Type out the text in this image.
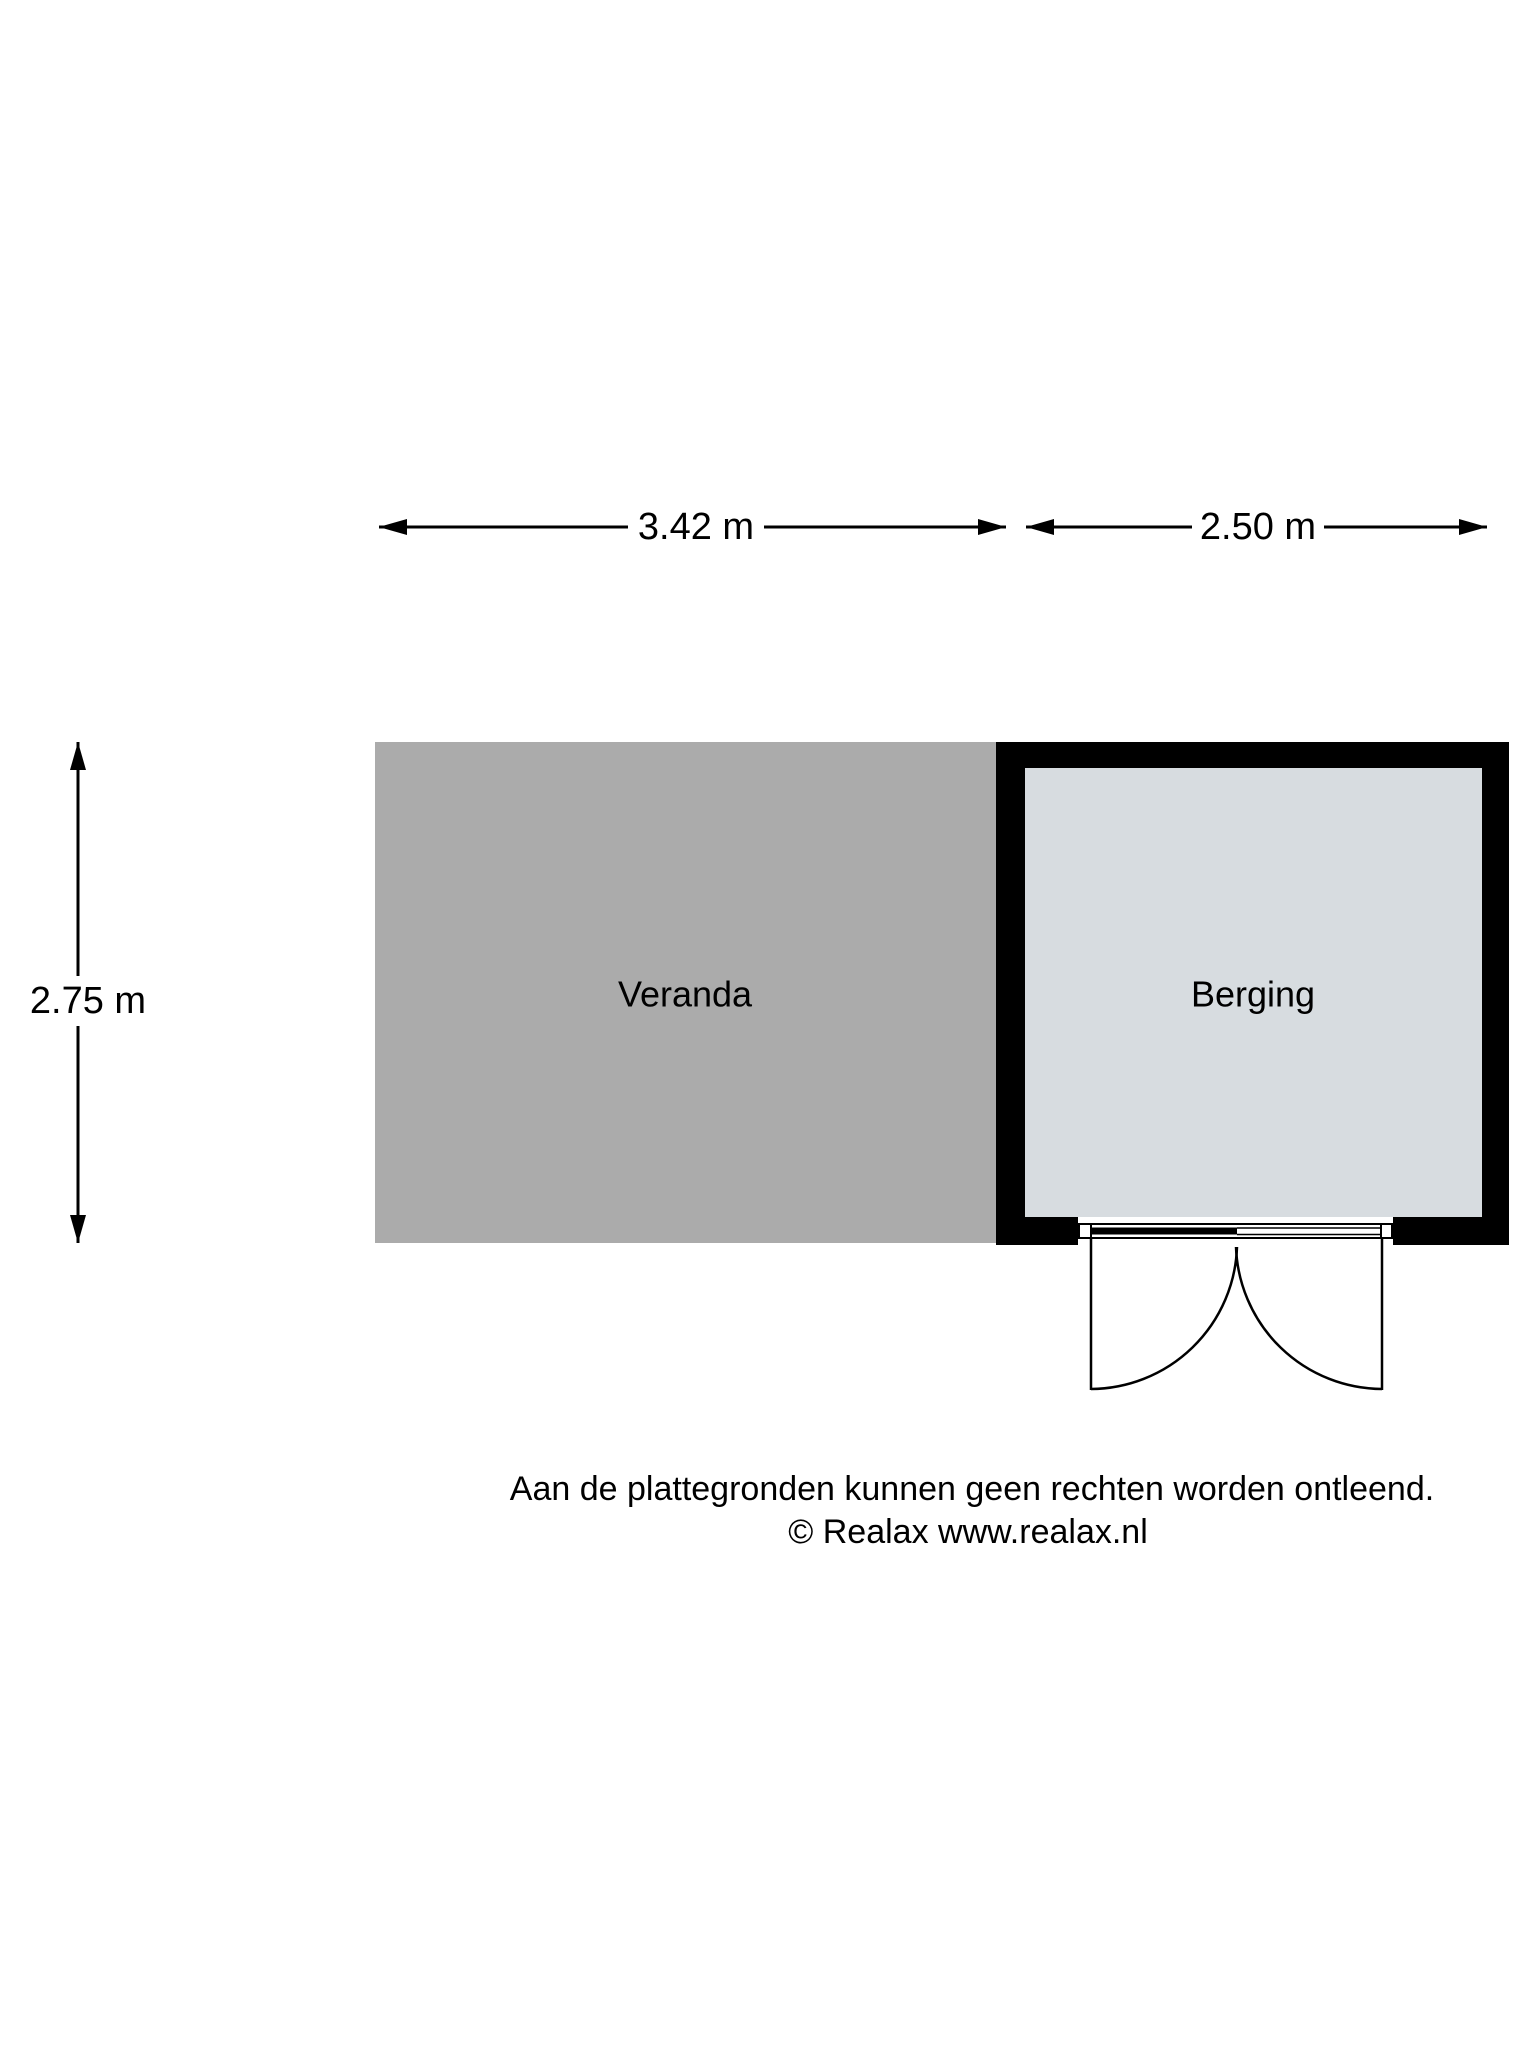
3.42 m	2.50 m
2.75 m	Veranda	Berging
Aan de plattegronden kunnen geen rechten worden ontleend.
© Realax www.realax.nl
